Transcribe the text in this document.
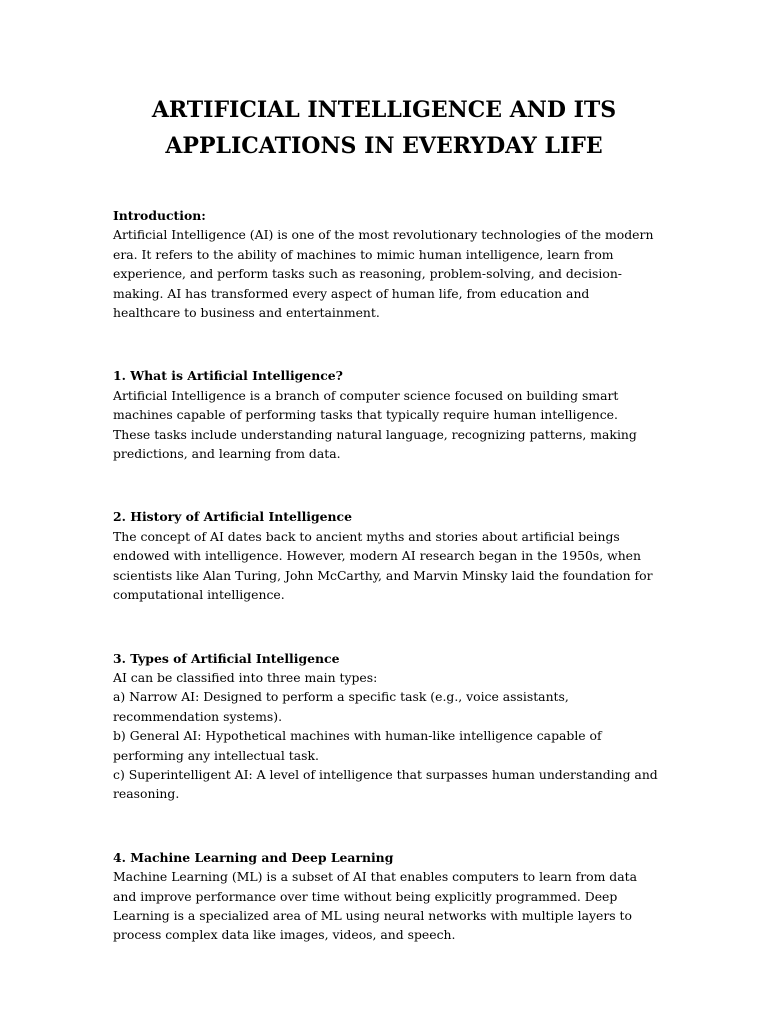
ARTIFICIAL INTELLIGENCE AND ITS
APPLICATIONS IN EVERYDAY LIFE
Introduction:
Artificial Intelligence (AI) is one of the most revolutionary technologies of the modern era. It refers to the ability of machines to mimic human intelligence, learn from experience, and perform tasks such as reasoning, problem-solving, and decision-making. AI has transformed every aspect of human life, from education and healthcare to business and entertainment.
1. What is Artificial Intelligence?
Artificial Intelligence is a branch of computer science focused on building smart machines capable of performing tasks that typically require human intelligence. These tasks include understanding natural language, recognizing patterns, making predictions, and learning from data.
2. History of Artificial Intelligence
The concept of AI dates back to ancient myths and stories about artificial beings endowed with intelligence. However, modern AI research began in the 1950s, when scientists like Alan Turing, John McCarthy, and Marvin Minsky laid the foundation for computational intelligence.
3. Types of Artificial Intelligence
AI can be classified into three main types:
a) Narrow AI: Designed to perform a specific task (e.g., voice assistants, recommendation systems).
b) General AI: Hypothetical machines with human-like intelligence capable of performing any intellectual task.
c) Superintelligent AI: A level of intelligence that surpasses human understanding and reasoning.
4. Machine Learning and Deep Learning
Machine Learning (ML) is a subset of AI that enables computers to learn from data and improve performance over time without being explicitly programmed. Deep Learning is a specialized area of ML using neural networks with multiple layers to process complex data like images, videos, and speech.
